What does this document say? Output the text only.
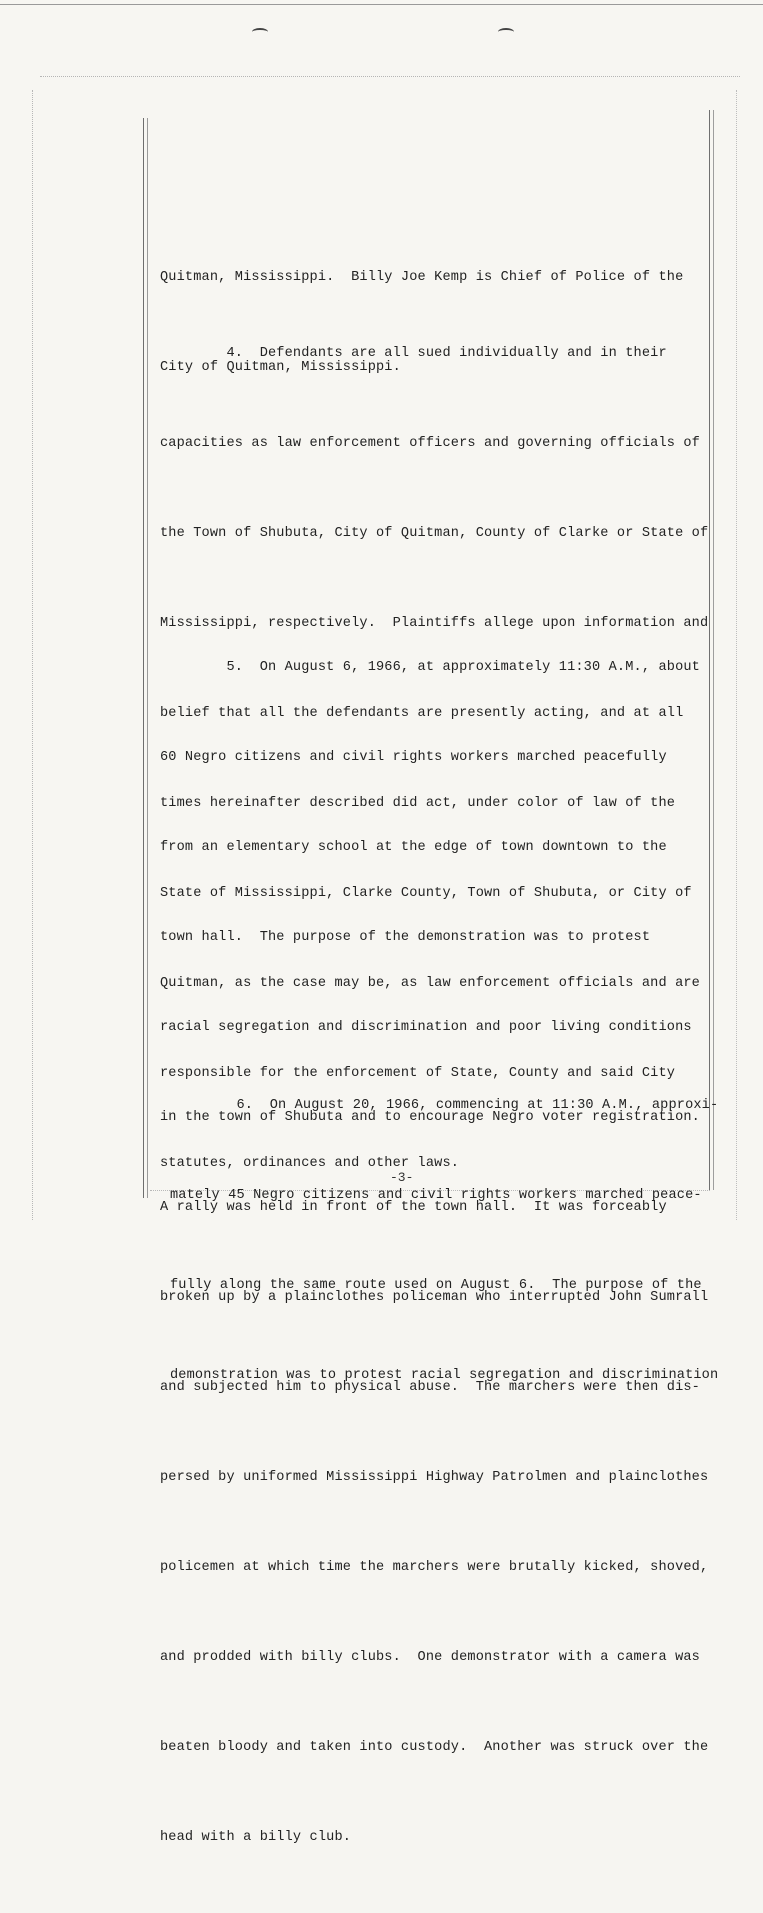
Quitman, Mississippi.  Billy Joe Kemp is Chief of Police of the

City of Quitman, Mississippi.

4.  Defendants are all sued individually and in their

capacities as law enforcement officers and governing officials of

the Town of Shubuta, City of Quitman, County of Clarke or State of

Mississippi, respectively.  Plaintiffs allege upon information and

belief that all the defendants are presently acting, and at all

times hereinafter described did act, under color of law of the

State of Mississippi, Clarke County, Town of Shubuta, or City of

Quitman, as the case may be, as law enforcement officials and are

responsible for the enforcement of State, County and said City

statutes, ordinances and other laws.

5.  On August 6, 1966, at approximately 11:30 A.M., about

60 Negro citizens and civil rights workers marched peacefully

from an elementary school at the edge of town downtown to the

town hall.  The purpose of the demonstration was to protest

racial segregation and discrimination and poor living conditions

in the town of Shubuta and to encourage Negro voter registration.

A rally was held in front of the town hall.  It was forceably

broken up by a plainclothes policeman who interrupted John Sumrall

and subjected him to physical abuse.  The marchers were then dis-

persed by uniformed Mississippi Highway Patrolmen and plainclothes

policemen at which time the marchers were brutally kicked, shoved,

and prodded with billy clubs.  One demonstrator with a camera was

beaten bloody and taken into custody.  Another was struck over the

head with a billy club.

6.  On August 20, 1966, commencing at 11:30 A.M., approxi-

mately 45 Negro citizens and civil rights workers marched peace-

fully along the same route used on August 6.  The purpose of the

demonstration was to protest racial segregation and discrimination

-3-
